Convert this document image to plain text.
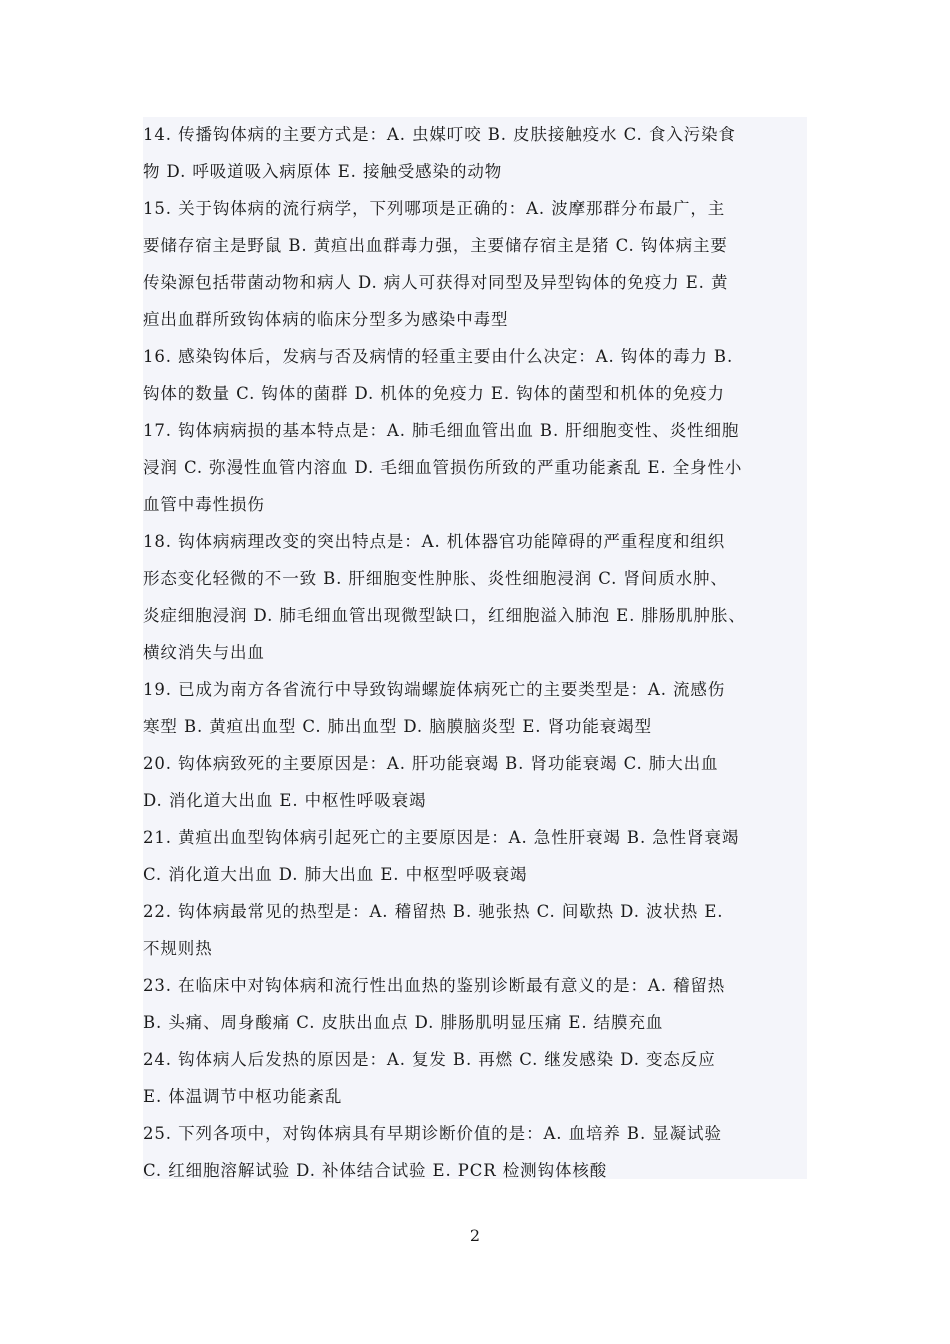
14. 传播钩体病的主要方式是：A. 虫媒叮咬 B. 皮肤接触疫水 C. 食入污染食
物 D. 呼吸道吸入病原体 E. 接触受感染的动物
15. 关于钩体病的流行病学，下列哪项是正确的：A. 波摩那群分布最广，主
要储存宿主是野鼠 B. 黄疸出血群毒力强，主要储存宿主是猪 C. 钩体病主要
传染源包括带菌动物和病人 D. 病人可获得对同型及异型钩体的免疫力 E. 黄
疸出血群所致钩体病的临床分型多为感染中毒型
16. 感染钩体后，发病与否及病情的轻重主要由什么决定：A. 钩体的毒力 B.
钩体的数量 C. 钩体的菌群 D. 机体的免疫力 E. 钩体的菌型和机体的免疫力
17. 钩体病病损的基本特点是：A. 肺毛细血管出血 B. 肝细胞变性、炎性细胞
浸润 C. 弥漫性血管内溶血 D. 毛细血管损伤所致的严重功能紊乱 E. 全身性小
血管中毒性损伤
18. 钩体病病理改变的突出特点是：A. 机体器官功能障碍的严重程度和组织
形态变化轻微的不一致 B. 肝细胞变性肿胀、炎性细胞浸润 C. 肾间质水肿、
炎症细胞浸润 D. 肺毛细血管出现微型缺口，红细胞溢入肺泡 E. 腓肠肌肿胀、
横纹消失与出血
19. 已成为南方各省流行中导致钩端螺旋体病死亡的主要类型是：A. 流感伤
寒型 B. 黄疸出血型 C. 肺出血型 D. 脑膜脑炎型 E. 肾功能衰竭型
20. 钩体病致死的主要原因是：A. 肝功能衰竭 B. 肾功能衰竭 C. 肺大出血
D. 消化道大出血 E. 中枢性呼吸衰竭
21. 黄疸出血型钩体病引起死亡的主要原因是：A. 急性肝衰竭 B. 急性肾衰竭
C. 消化道大出血 D. 肺大出血 E. 中枢型呼吸衰竭
22. 钩体病最常见的热型是：A. 稽留热 B. 驰张热 C. 间歇热 D. 波状热 E.
不规则热
23. 在临床中对钩体病和流行性出血热的鉴别诊断最有意义的是：A. 稽留热
B. 头痛、周身酸痛 C. 皮肤出血点 D. 腓肠肌明显压痛 E. 结膜充血
24. 钩体病人后发热的原因是：A. 复发 B. 再燃 C. 继发感染 D. 变态反应
E. 体温调节中枢功能紊乱
25. 下列各项中，对钩体病具有早期诊断价值的是：A. 血培养 B. 显凝试验
C. 红细胞溶解试验 D. 补体结合试验 E. PCR 检测钩体核酸
2
